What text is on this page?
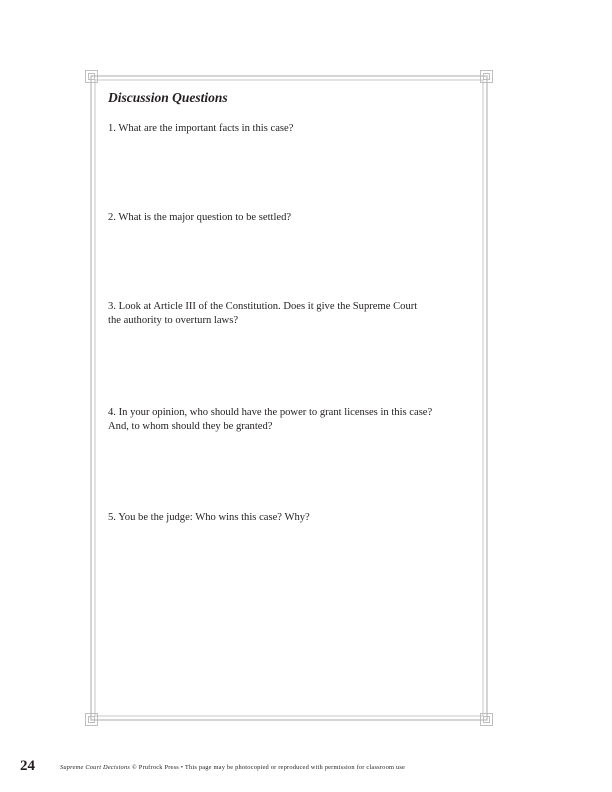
Discussion Questions
1. What are the important facts in this case?
2. What is the major question to be settled?
3. Look at Article III of the Constitution. Does it give the Supreme Court
the authority to overturn laws?
4. In your opinion, who should have the power to grant licenses in this case?
And, to whom should they be granted?
5. You be the judge: Who wins this case? Why?
24	Supreme Court Decisions © Prufrock Press • This page may be photocopied or reproduced with permission for classroom use
